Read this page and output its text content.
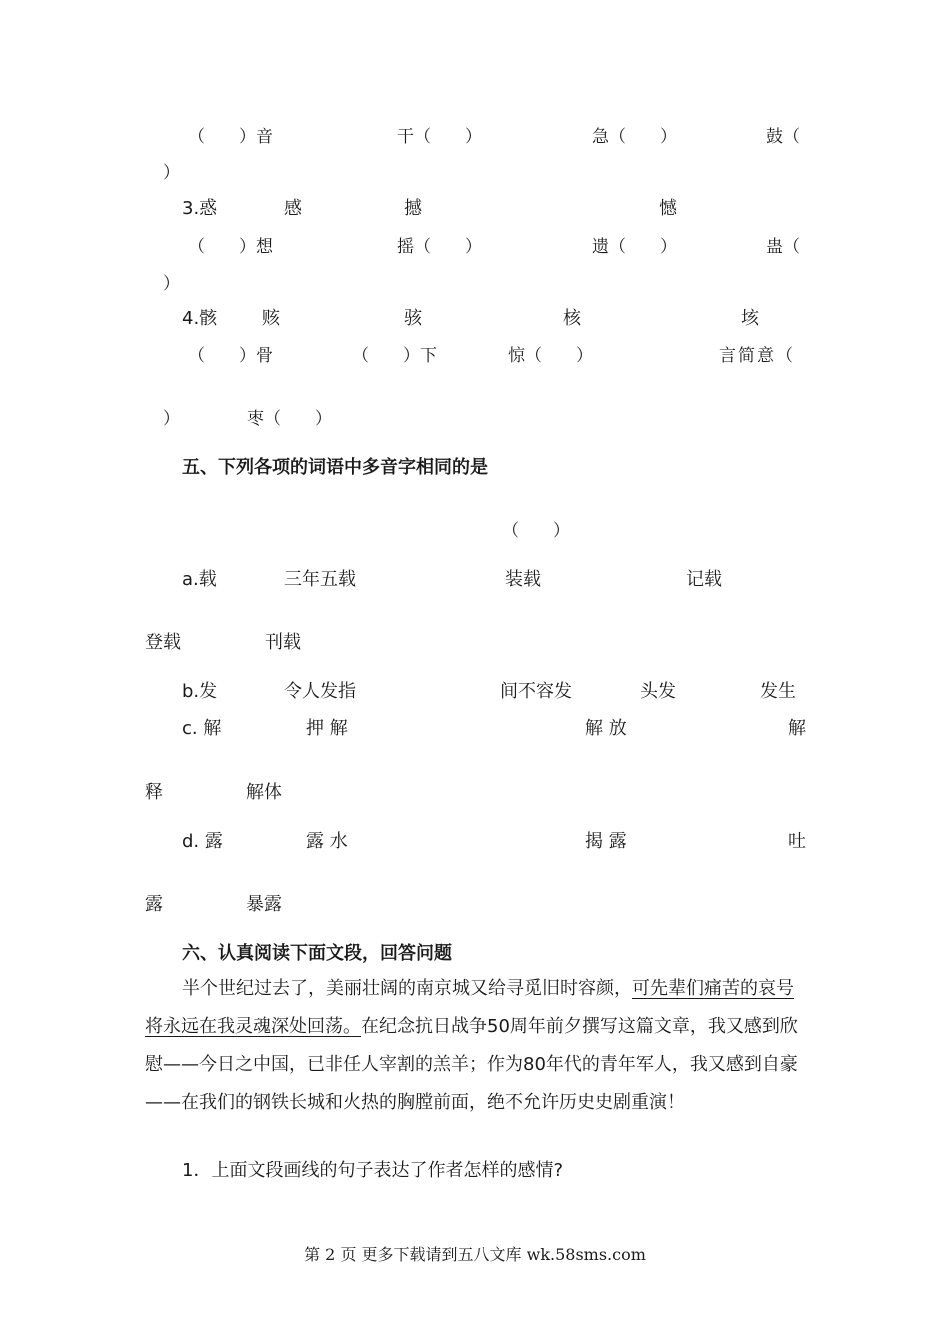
（　　）音	干（　　）	急（　　）	鼓（
）
3.惑	感	撼	憾
（　　）想	摇（　　）	遗（　　）	蛊（
）
4.骸 赅	骇	核	垓
（　　）骨	（　　）下	惊（　　）	言简意（
）	枣（　　）
五、下列各项的词语中多音字相同的是
（　　）
a.载	三年五载	装载	记载
登载	刊载
b.发	令人发指	间不容发	头发	发生
c. 解	押 解	解 放	解
释	解体
d. 露	露 水	揭 露	吐
露	暴露
六、认真阅读下面文段，回答问题
半个世纪过去了，美丽壮阔的南京城又给寻觅旧时容颜，可先辈们痛苦的哀号将永远在我灵魂深处回荡。在纪念抗日战争50周年前夕撰写这篇文章，我又感到欣慰——今日之中国，已非任人宰割的羔羊；作为80年代的青年军人，我又感到自豪——在我们的钢铁长城和火热的胸膛前面，绝不允许历史史剧重演！
1．上面文段画线的句子表达了作者怎样的感情?
第 2 页 更多下载请到五八文库 wk.58sms.com
